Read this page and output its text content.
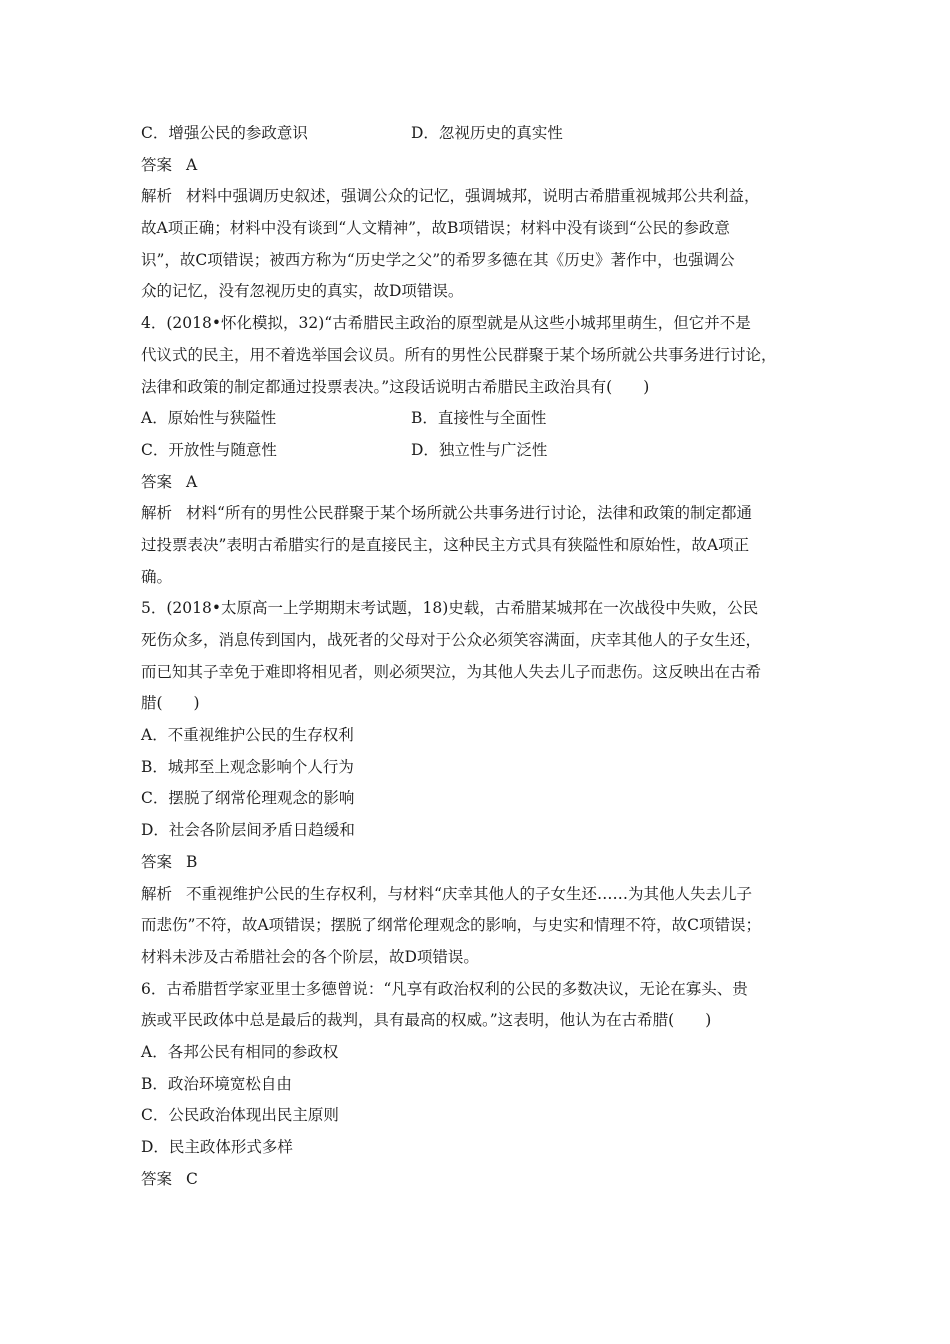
C．增强公民的参政意识	D．忽视历史的真实性
答案 A
解析 材料中强调历史叙述，强调公众的记忆，强调城邦，说明古希腊重视城邦公共利益，
故A项正确；材料中没有谈到“人文精神”，故B项错误；材料中没有谈到“公民的参政意
识”，故C项错误；被西方称为“历史学之父”的希罗多德在其《历史》著作中，也强调公
众的记忆，没有忽视历史的真实，故D项错误。
4．(2018•怀化模拟，32)“古希腊民主政治的原型就是从这些小城邦里萌生，但它并不是
代议式的民主，用不着选举国会议员。所有的男性公民群聚于某个场所就公共事务进行讨论，
法律和政策的制定都通过投票表决。”这段话说明古希腊民主政治具有(　　)
A．原始性与狭隘性	B．直接性与全面性
C．开放性与随意性	D．独立性与广泛性
答案 A
解析 材料“所有的男性公民群聚于某个场所就公共事务进行讨论，法律和政策的制定都通
过投票表决”表明古希腊实行的是直接民主，这种民主方式具有狭隘性和原始性，故A项正
确。
5．(2018•太原高一上学期期末考试题，18)史载，古希腊某城邦在一次战役中失败，公民
死伤众多，消息传到国内，战死者的父母对于公众必须笑容满面，庆幸其他人的子女生还，
而已知其子幸免于难即将相见者，则必须哭泣，为其他人失去儿子而悲伤。这反映出在古希
腊(　　)
A．不重视维护公民的生存权利
B．城邦至上观念影响个人行为
C．摆脱了纲常伦理观念的影响
D．社会各阶层间矛盾日趋缓和
答案 B
解析 不重视维护公民的生存权利，与材料“庆幸其他人的子女生还……为其他人失去儿子
而悲伤”不符，故A项错误；摆脱了纲常伦理观念的影响，与史实和情理不符，故C项错误；
材料未涉及古希腊社会的各个阶层，故D项错误。
6．古希腊哲学家亚里士多德曾说：“凡享有政治权利的公民的多数决议，无论在寡头、贵
族或平民政体中总是最后的裁判，具有最高的权威。”这表明，他认为在古希腊(　　)
A．各邦公民有相同的参政权
B．政治环境宽松自由
C．公民政治体现出民主原则
D．民主政体形式多样
答案 C
